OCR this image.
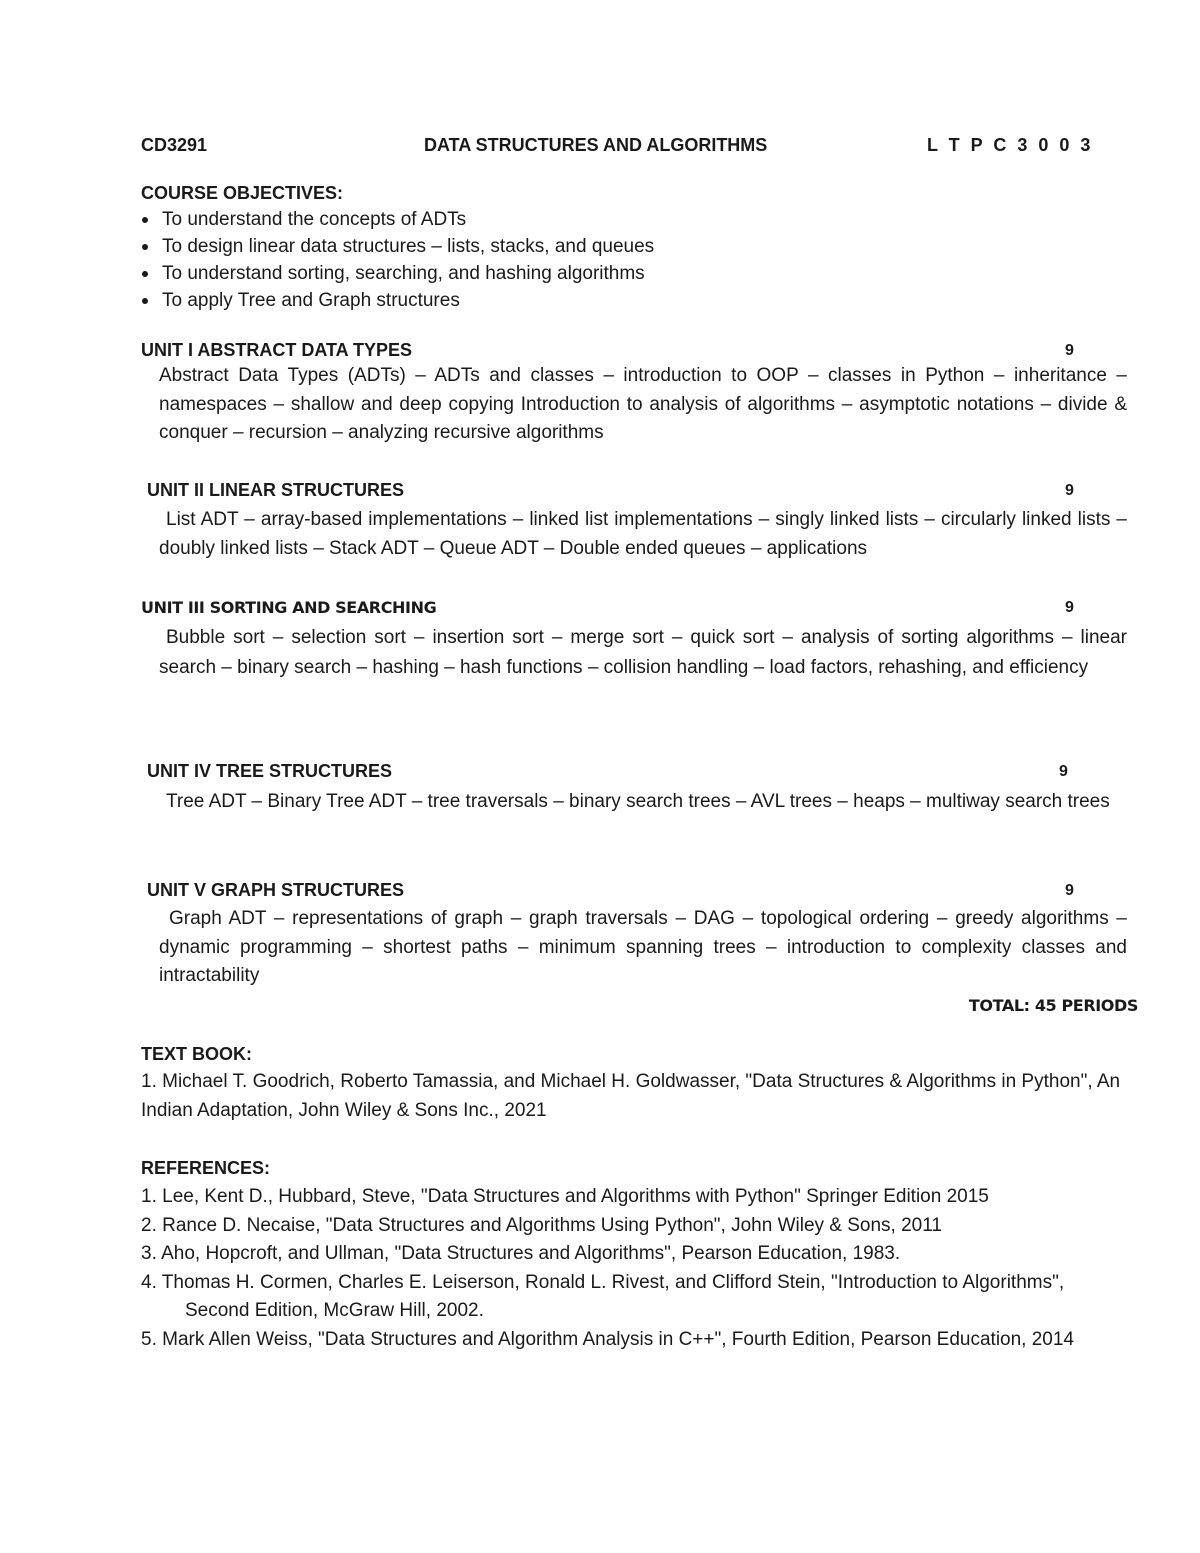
CD3291	DATA STRUCTURES AND ALGORITHMS	L T P C 3 0 0 3
COURSE OBJECTIVES:
To understand the concepts of ADTs
To design linear data structures – lists, stacks, and queues
To understand sorting, searching, and hashing algorithms
To apply Tree and Graph structures
UNIT I ABSTRACT DATA TYPES	9
Abstract Data Types (ADTs) – ADTs and classes – introduction to OOP – classes in Python – inheritance – namespaces – shallow and deep copying Introduction to analysis of algorithms – asymptotic notations – divide & conquer – recursion – analyzing recursive algorithms
UNIT II LINEAR STRUCTURES	9
List ADT – array-based implementations – linked list implementations – singly linked lists – circularly linked lists – doubly linked lists – Stack ADT – Queue ADT – Double ended queues – applications
UNIT III SORTING AND SEARCHING	9
Bubble sort – selection sort – insertion sort – merge sort – quick sort – analysis of sorting algorithms – linear search – binary search – hashing – hash functions – collision handling – load factors, rehashing, and efficiency
UNIT IV TREE STRUCTURES	9
Tree ADT – Binary Tree ADT – tree traversals – binary search trees – AVL trees – heaps – multiway search trees
UNIT V GRAPH STRUCTURES	9
Graph ADT – representations of graph – graph traversals – DAG – topological ordering – greedy algorithms – dynamic programming – shortest paths – minimum spanning trees – introduction to complexity classes and intractability
TOTAL: 45 PERIODS
TEXT BOOK:
1. Michael T. Goodrich, Roberto Tamassia, and Michael H. Goldwasser, "Data Structures & Algorithms in Python", An Indian Adaptation, John Wiley & Sons Inc., 2021
REFERENCES:
1. Lee, Kent D., Hubbard, Steve, "Data Structures and Algorithms with Python" Springer Edition 2015
2. Rance D. Necaise, "Data Structures and Algorithms Using Python", John Wiley & Sons, 2011
3. Aho, Hopcroft, and Ullman, "Data Structures and Algorithms", Pearson Education, 1983.
4. Thomas H. Cormen, Charles E. Leiserson, Ronald L. Rivest, and Clifford Stein, "Introduction to Algorithms", Second Edition, McGraw Hill, 2002.
5. Mark Allen Weiss, "Data Structures and Algorithm Analysis in C++", Fourth Edition, Pearson Education, 2014
